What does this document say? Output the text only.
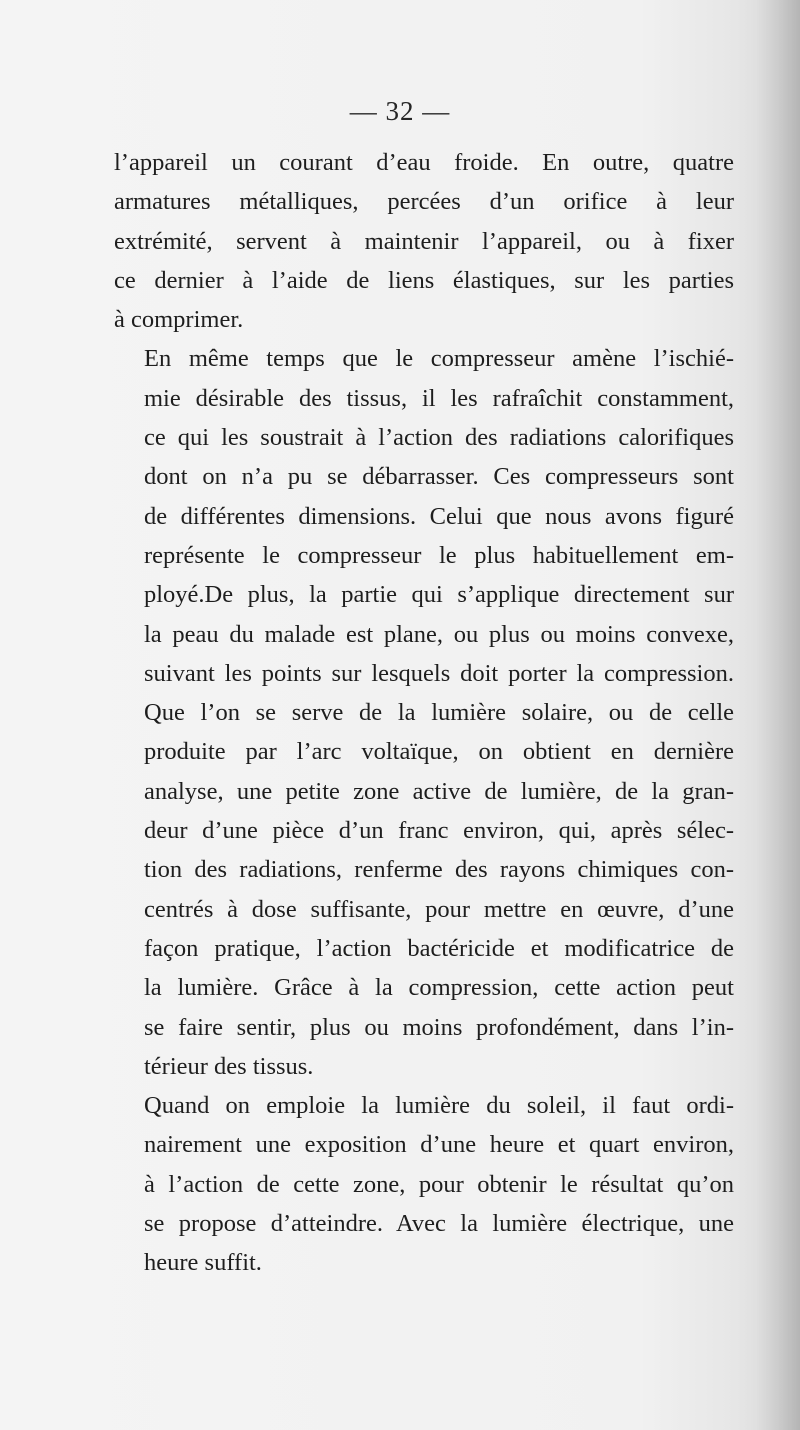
— 32 —
l’appareil un courant d’eau froide. En outre, quatre
armatures métalliques, percées d’un orifice à leur
extrémité, servent à maintenir l’appareil, ou à fixer
ce dernier à l’aide de liens élastiques, sur les parties
à comprimer.
En même temps que le compresseur amène l’ischié-
mie désirable des tissus, il les rafraîchit constamment,
ce qui les soustrait à l’action des radiations calorifiques
dont on n’a pu se débarrasser. Ces compresseurs sont
de différentes dimensions. Celui que nous avons figuré
représente le compresseur le plus habituellement em-
ployé.De plus, la partie qui s’applique directement sur
la peau du malade est plane, ou plus ou moins convexe,
suivant les points sur lesquels doit porter la compression.
Que l’on se serve de la lumière solaire, ou de celle
produite par l’arc voltaïque, on obtient en dernière
analyse, une petite zone active de lumière, de la gran-
deur d’une pièce d’un franc environ, qui, après sélec-
tion des radiations, renferme des rayons chimiques con-
centrés à dose suffisante, pour mettre en œuvre, d’une
façon pratique, l’action bactéricide et modificatrice de
la lumière. Grâce à la compression, cette action peut
se faire sentir, plus ou moins profondément, dans l’in-
térieur des tissus.
Quand on emploie la lumière du soleil, il faut ordi-
nairement une exposition d’une heure et quart environ,
à l’action de cette zone, pour obtenir le résultat qu’on
se propose d’atteindre. Avec la lumière électrique, une
heure suffit.
